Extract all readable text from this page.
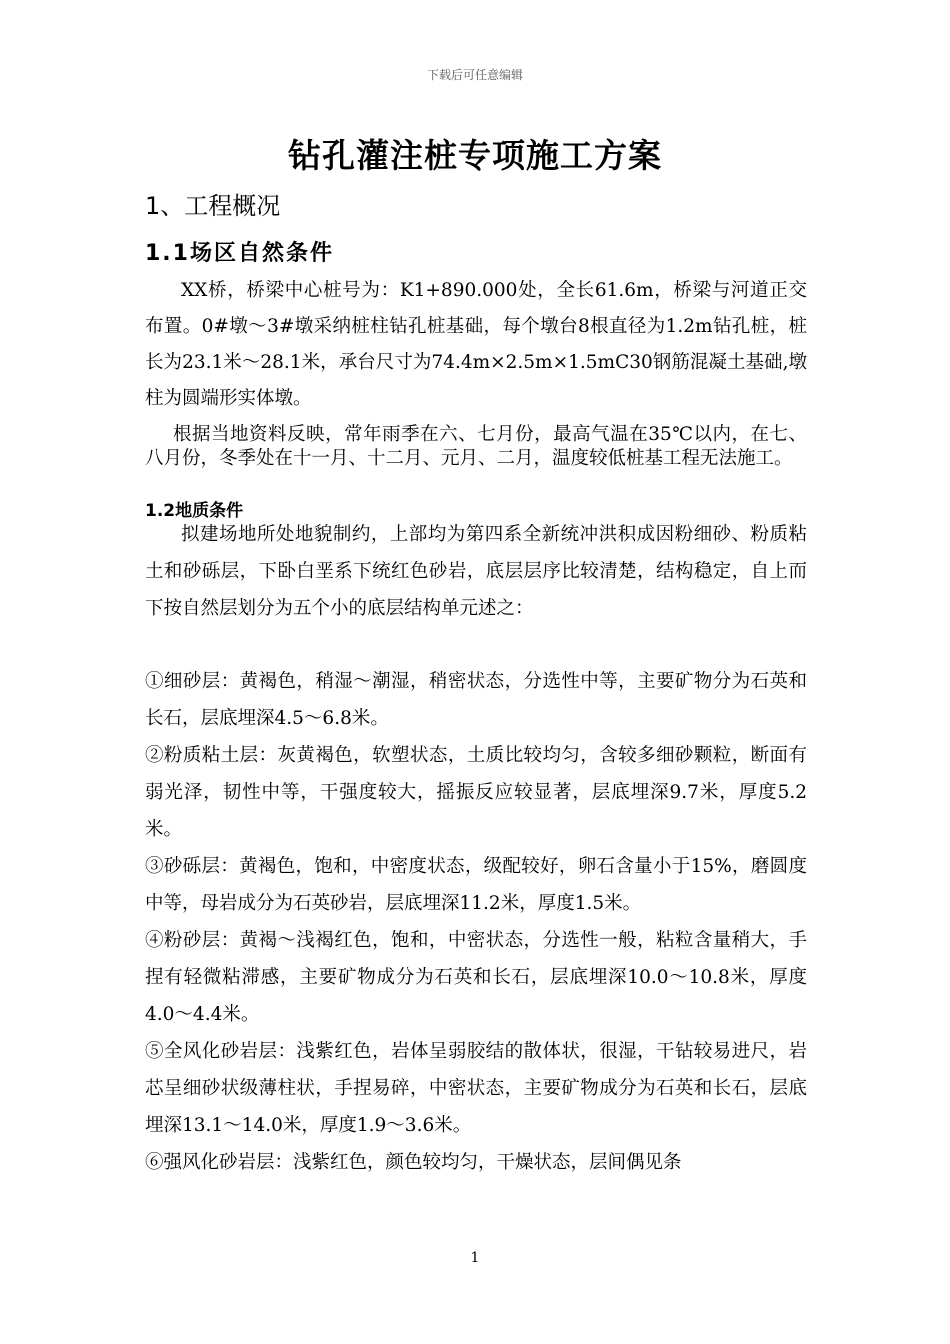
下载后可任意编辑
钻孔灌注桩专项施工方案
1、工程概况
1.1场区自然条件
XX桥，桥梁中心桩号为：K1+890.000处，全长61.6m，桥梁与河道正交布置。0#墩～3#墩采纳桩柱钻孔桩基础，每个墩台8根直径为1.2m钻孔桩，桩长为23.1米～28.1米，承台尺寸为74.4m×2.5m×1.5mC30钢筋混凝土基础,墩柱为圆端形实体墩。
根据当地资料反映，常年雨季在六、七月份，最高气温在35℃以内，在七、八月份，冬季处在十一月、十二月、元月、二月，温度较低桩基工程无法施工。
1.2地质条件
拟建场地所处地貌制约，上部均为第四系全新统冲洪积成因粉细砂、粉质粘土和砂砾层，下卧白垩系下统红色砂岩，底层层序比较清楚，结构稳定，自上而下按自然层划分为五个小的底层结构单元述之：
①细砂层：黄褐色，稍湿～潮湿，稍密状态，分选性中等，主要矿物分为石英和长石，层底埋深4.5～6.8米。
②粉质粘土层：灰黄褐色，软塑状态，土质比较均匀，含较多细砂颗粒，断面有弱光泽，韧性中等，干强度较大，摇振反应较显著，层底埋深9.7米，厚度5.2米。
③砂砾层：黄褐色，饱和，中密度状态，级配较好，卵石含量小于15%，磨圆度中等，母岩成分为石英砂岩，层底埋深11.2米，厚度1.5米。
④粉砂层：黄褐～浅褐红色，饱和，中密状态，分选性一般，粘粒含量稍大，手捏有轻微粘滞感，主要矿物成分为石英和长石，层底埋深10.0～10.8米，厚度4.0～4.4米。
⑤全风化砂岩层：浅紫红色，岩体呈弱胶结的散体状，很湿，干钻较易进尺，岩芯呈细砂状级薄柱状，手捏易碎，中密状态，主要矿物成分为石英和长石，层底埋深13.1～14.0米，厚度1.9～3.6米。
⑥强风化砂岩层：浅紫红色，颜色较均匀，干燥状态，层间偶见条
1
